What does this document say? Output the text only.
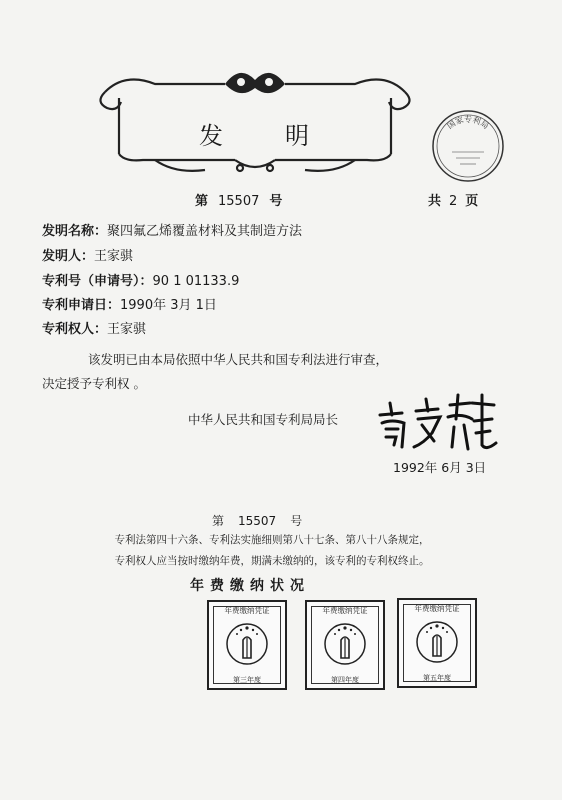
发	明	国家专利局
第 15507 号	共 2 页
发明名称：聚四氟乙烯覆盖材料及其制造方法
发明人：王家骐
专利号（申请号）：90 1 01133.9
专利申请日：1990年 3月 1日
专利权人：王家骐
该发明已由本局依照中华人民共和国专利法进行审查，
决定授予专利权 。
中华人民共和国专利局局长
1992年 6月 3日
第 15507 号
专利法第四十六条、专利法实施细则第八十七条、第八十八条规定，
专利权人应当按时缴纳年费，期满未缴纳的，该专利的专利权终止。
年费缴纳状况
年费缴纳凭证
第三年度
年费缴纳凭证
第四年度
年费缴纳凭证
第五年度
